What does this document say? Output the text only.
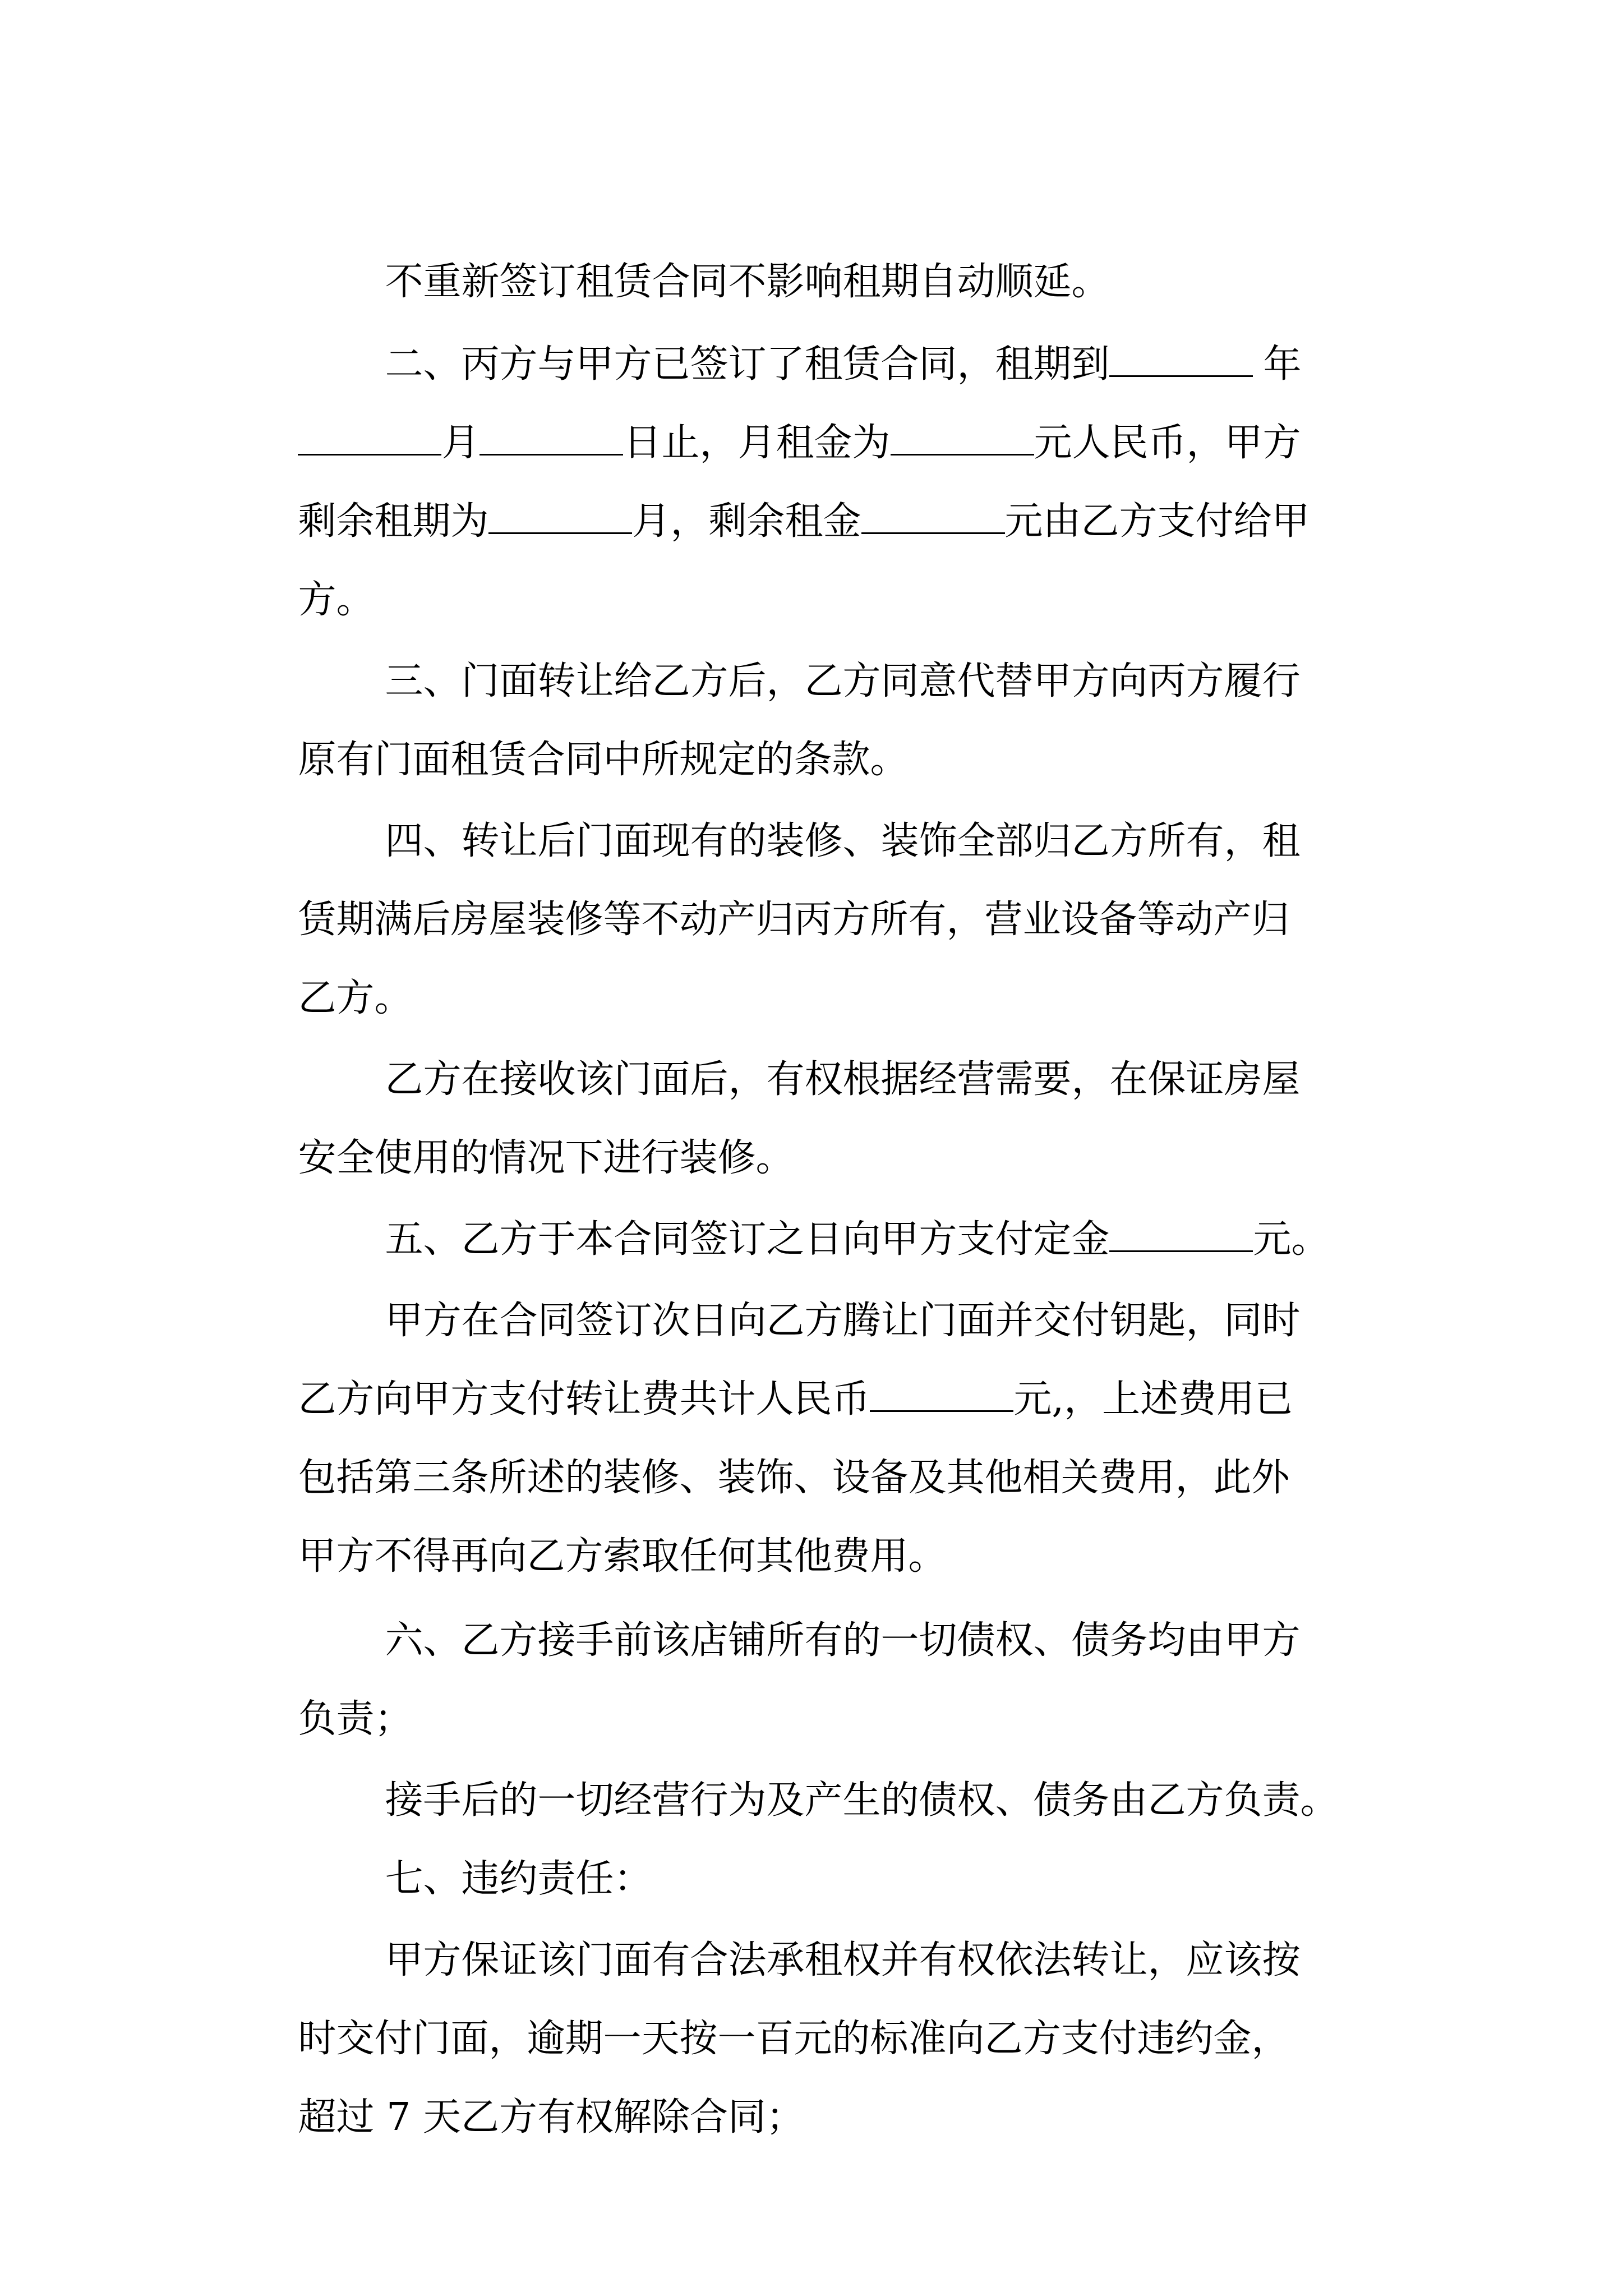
不重新签订租赁合同不影响租期自动顺延。

二、丙方与甲方已签订了租赁合同，租期到	年

月	日止，月租金为	元人民币，甲方

剩余租期为	月，剩余租金	元由乙方支付给甲

方。

三、门面转让给乙方后，乙方同意代替甲方向丙方履行

原有门面租赁合同中所规定的条款。

四、转让后门面现有的装修、装饰全部归乙方所有，租

赁期满后房屋装修等不动产归丙方所有，营业设备等动产归

乙方。

乙方在接收该门面后，有权根据经营需要，在保证房屋

安全使用的情况下进行装修。

五、乙方于本合同签订之日向甲方支付定金	元。

甲方在合同签订次日向乙方腾让门面并交付钥匙，同时

乙方向甲方支付转让费共计人民币	元,，上述费用已

包括第三条所述的装修、装饰、设备及其他相关费用，此外

甲方不得再向乙方索取任何其他费用。

六、乙方接手前该店铺所有的一切债权、债务均由甲方

负责；

接手后的一切经营行为及产生的债权、债务由乙方负责。

七、违约责任：

甲方保证该门面有合法承租权并有权依法转让，应该按

时交付门面，逾期一天按一百元的标准向乙方支付违约金，

超过 7 天乙方有权解除合同；
